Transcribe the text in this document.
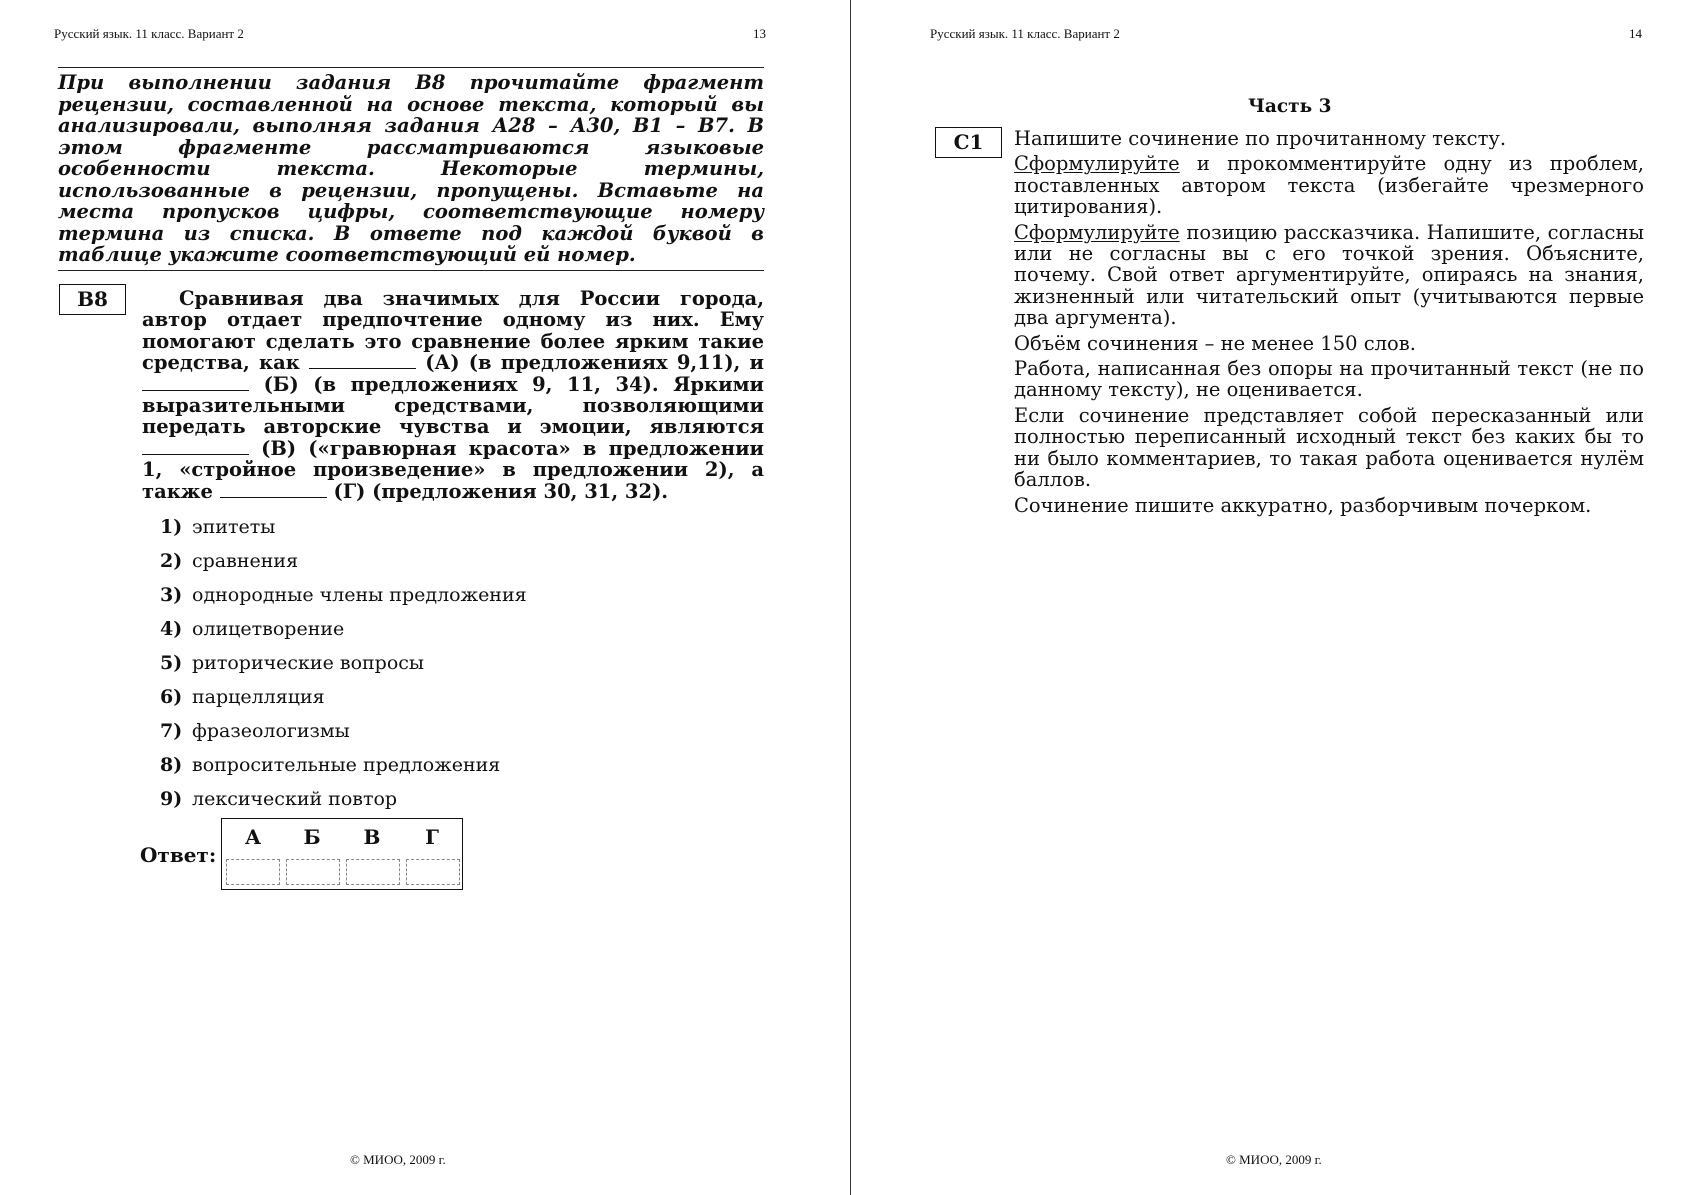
Русский язык. 11 класс. Вариант 2	13
При выполнении задания В8 прочитайте фрагмент рецензии, составленной на основе текста, который вы анализировали, выполняя задания А28 – А30, В1 – В7. В этом фрагменте рассматриваются языковые особенности текста. Некоторые термины, использованные в рецензии, пропущены. Вставьте на места пропусков цифры, соответствующие номеру термина из списка. В ответе под каждой буквой в таблице укажите соответствующий ей номер.
В8	Сравнивая два значимых для России города, автор отдает предпочтение одному из них. Ему помогают сделать это сравнение более ярким такие средства, как	(А) (в предложениях 9,11), и  (Б) (в предложениях 9, 11, 34). Яркими выразительными средствами, позволяющими передать авторские чувства и эмоции, являются  (В) («гравюрная красота» в предложении 1, «стройное произведение» в предложении 2), а также	(Г) (предложения 30, 31, 32).
1) эпитеты
2) сравнения
3) однородные члены предложения
4) олицетворение
5) риторические вопросы
6) парцелляция
7) фразеологизмы
8) вопросительные предложения
9) лексический повтор
Ответ:
А	Б	В	Г
© МИОО, 2009 г.
Русский язык. 11 класс. Вариант 2	14
Часть 3
С1	Напишите сочинение по прочитанному тексту.

Сформулируйте и прокомментируйте одну из проблем, поставленных автором текста (избегайте чрезмерного цитирования).

Сформулируйте позицию рассказчика. Напишите, согласны или не согласны вы с его точкой зрения. Объясните, почему. Свой ответ аргументируйте, опираясь на знания, жизненный или читательский опыт (учитываются первые два аргумента).

Объём сочинения – не менее 150 слов.

Работа, написанная без опоры на прочитанный текст (не по данному тексту), не оценивается.

Если сочинение представляет собой пересказанный или полностью переписанный исходный текст без каких бы то ни было комментариев, то такая работа оценивается нулём баллов.

Сочинение пишите аккуратно, разборчивым почерком.

© МИОО, 2009 г.
